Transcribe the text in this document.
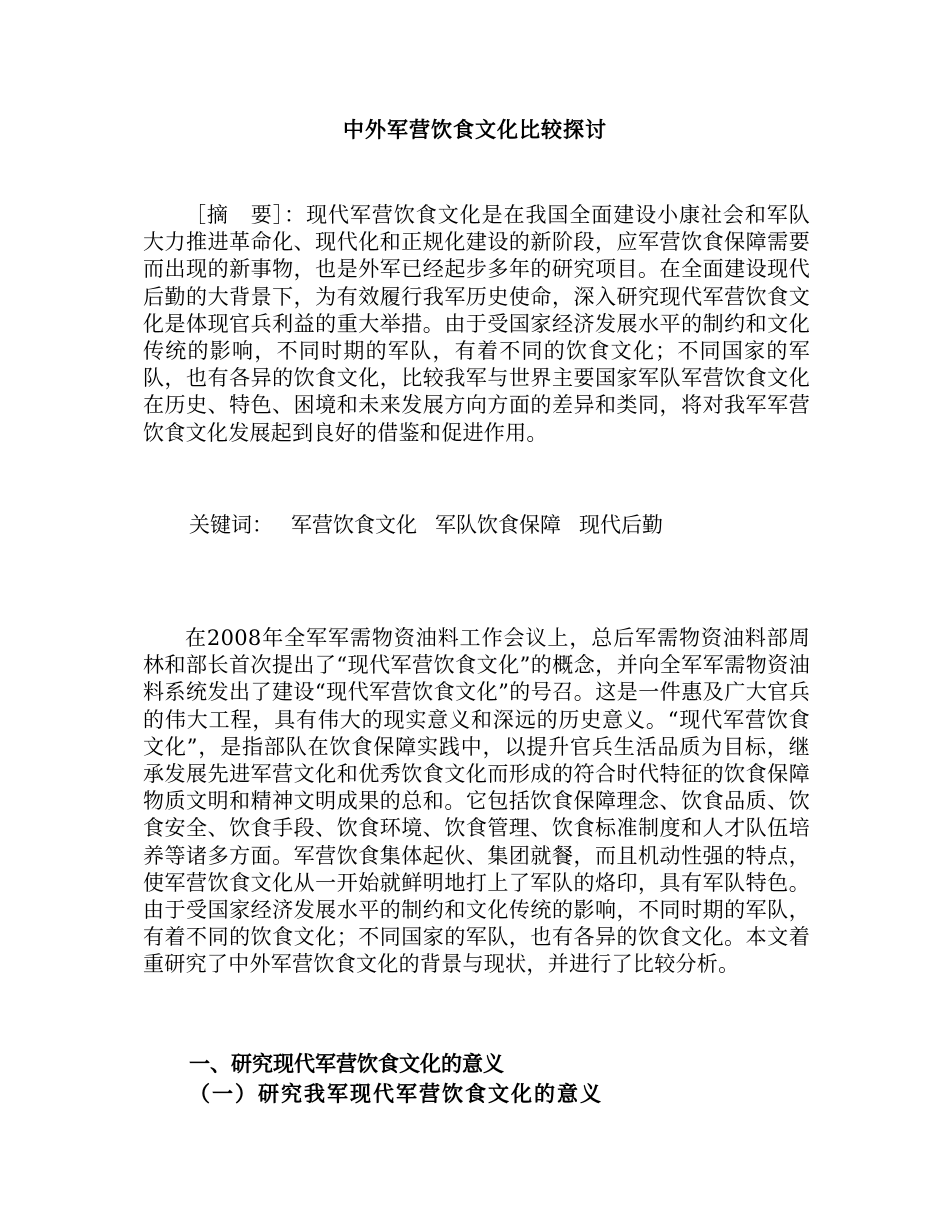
中外军营饮食文化比较探讨

［摘　要］：现代军营饮食文化是在我国全面建设小康社会和军队大力推进革命化、现代化和正规化建设的新阶段，应军营饮食保障需要而出现的新事物，也是外军已经起步多年的研究项目。在全面建设现代后勤的大背景下，为有效履行我军历史使命，深入研究现代军营饮食文化是体现官兵利益的重大举措。由于受国家经济发展水平的制约和文化传统的影响，不同时期的军队，有着不同的饮食文化；不同国家的军队，也有各异的饮食文化，比较我军与世界主要国家军队军营饮食文化在历史、特色、困境和未来发展方向方面的差异和类同，将对我军军营饮食文化发展起到良好的借鉴和促进作用。

关键词： 军营饮食文化 军队饮食保障 现代后勤

在2008年全军军需物资油料工作会议上，总后军需物资油料部周林和部长首次提出了“现代军营饮食文化”的概念，并向全军军需物资油料系统发出了建设“现代军营饮食文化”的号召。这是一件惠及广大官兵的伟大工程，具有伟大的现实意义和深远的历史意义。“现代军营饮食文化”，是指部队在饮食保障实践中，以提升官兵生活品质为目标，继承发展先进军营文化和优秀饮食文化而形成的符合时代特征的饮食保障物质文明和精神文明成果的总和。它包括饮食保障理念、饮食品质、饮食安全、饮食手段、饮食环境、饮食管理、饮食标准制度和人才队伍培养等诸多方面。军营饮食集体起伙、集团就餐，而且机动性强的特点，使军营饮食文化从一开始就鲜明地打上了军队的烙印，具有军队特色。由于受国家经济发展水平的制约和文化传统的影响，不同时期的军队，有着不同的饮食文化；不同国家的军队，也有各异的饮食文化。本文着重研究了中外军营饮食文化的背景与现状，并进行了比较分析。

一、研究现代军营饮食文化的意义
（一）研究我军现代军营饮食文化的意义
